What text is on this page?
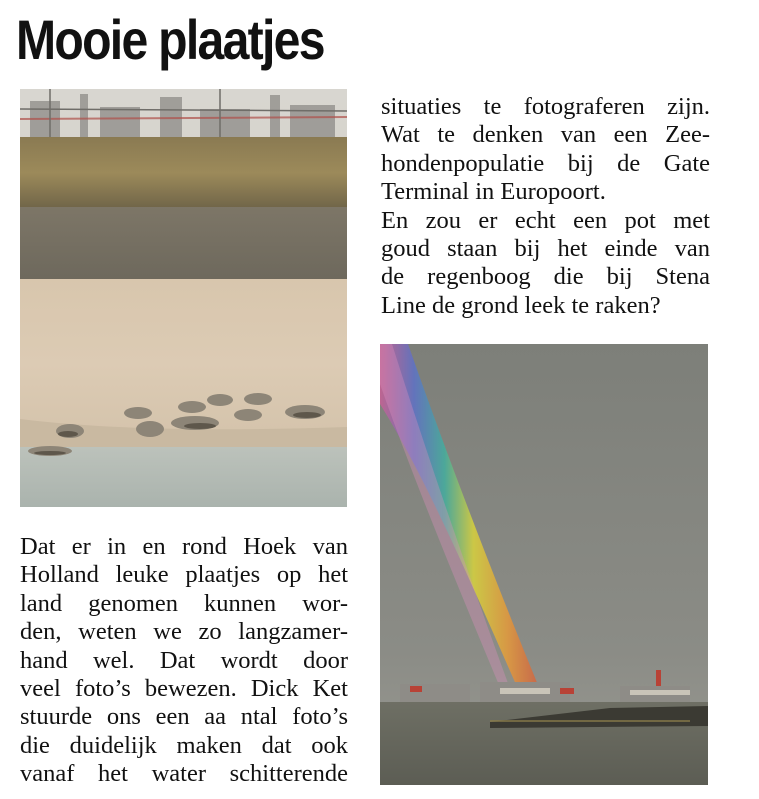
Mooie plaatjes
situaties te fotograferen zijn.
Wat te denken van een Zee-
hondenpopulatie bij de Gate
Terminal in Europoort.
En zou er echt een pot met
goud staan bij het einde van
de regenboog die bij Stena
Line de grond leek te raken?
Dat er in en rond Hoek van
Holland leuke plaatjes op het
land genomen kunnen wor-
den, weten we zo langzamer-
hand wel. Dat wordt door
veel foto’s bewezen. Dick Ket
stuurde ons een aa ntal foto’s
die duidelijk maken dat ook
vanaf het water schitterende
